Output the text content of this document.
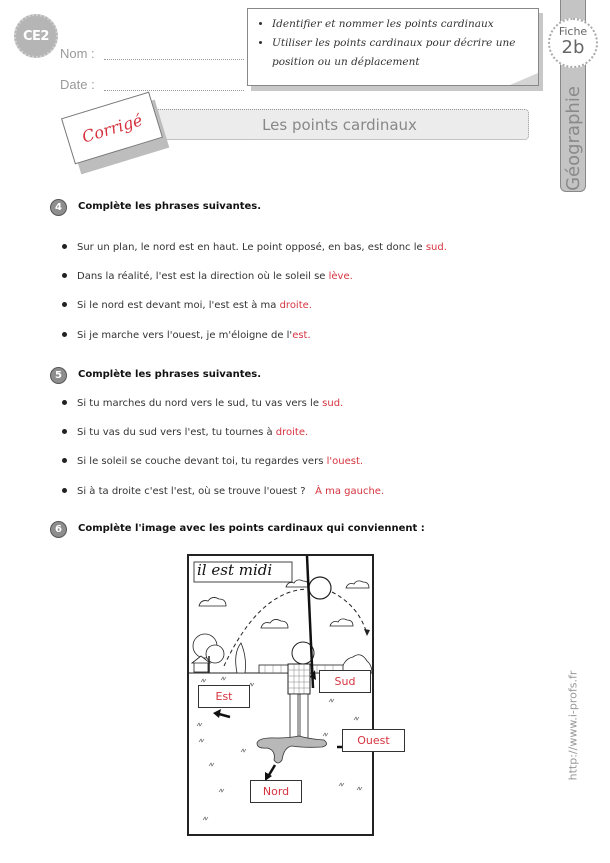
CE2
Nom :
Date :
• Identifier et nommer les points cardinaux
• Utiliser les points cardinaux pour décrire une position ou un déplacement
Géographie
Fiche
2b
Les points cardinaux
Corrigé
4	Complète les phrases suivantes.
Sur un plan, le nord est en haut. Le point opposé, en bas, est donc le sud.
Dans la réalité, l'est est la direction où le soleil se lève.
Si le nord est devant moi, l'est est à ma droite.
Si je marche vers l'ouest, je m'éloigne de l'est.
5	Complète les phrases suivantes.
Si tu marches du nord vers le sud, tu vas vers le sud.
Si tu vas du sud vers l'est, tu tournes à droite.
Si le soleil se couche devant toi, tu regardes vers l'ouest.
Si à ta droite c'est l'est, où se trouve l'ouest ?   À ma gauche.
6	Complète l'image avec les points cardinaux qui conviennent :
il est midi
Est
Sud
Nord
Ouest	http://www.i-profs.fr
